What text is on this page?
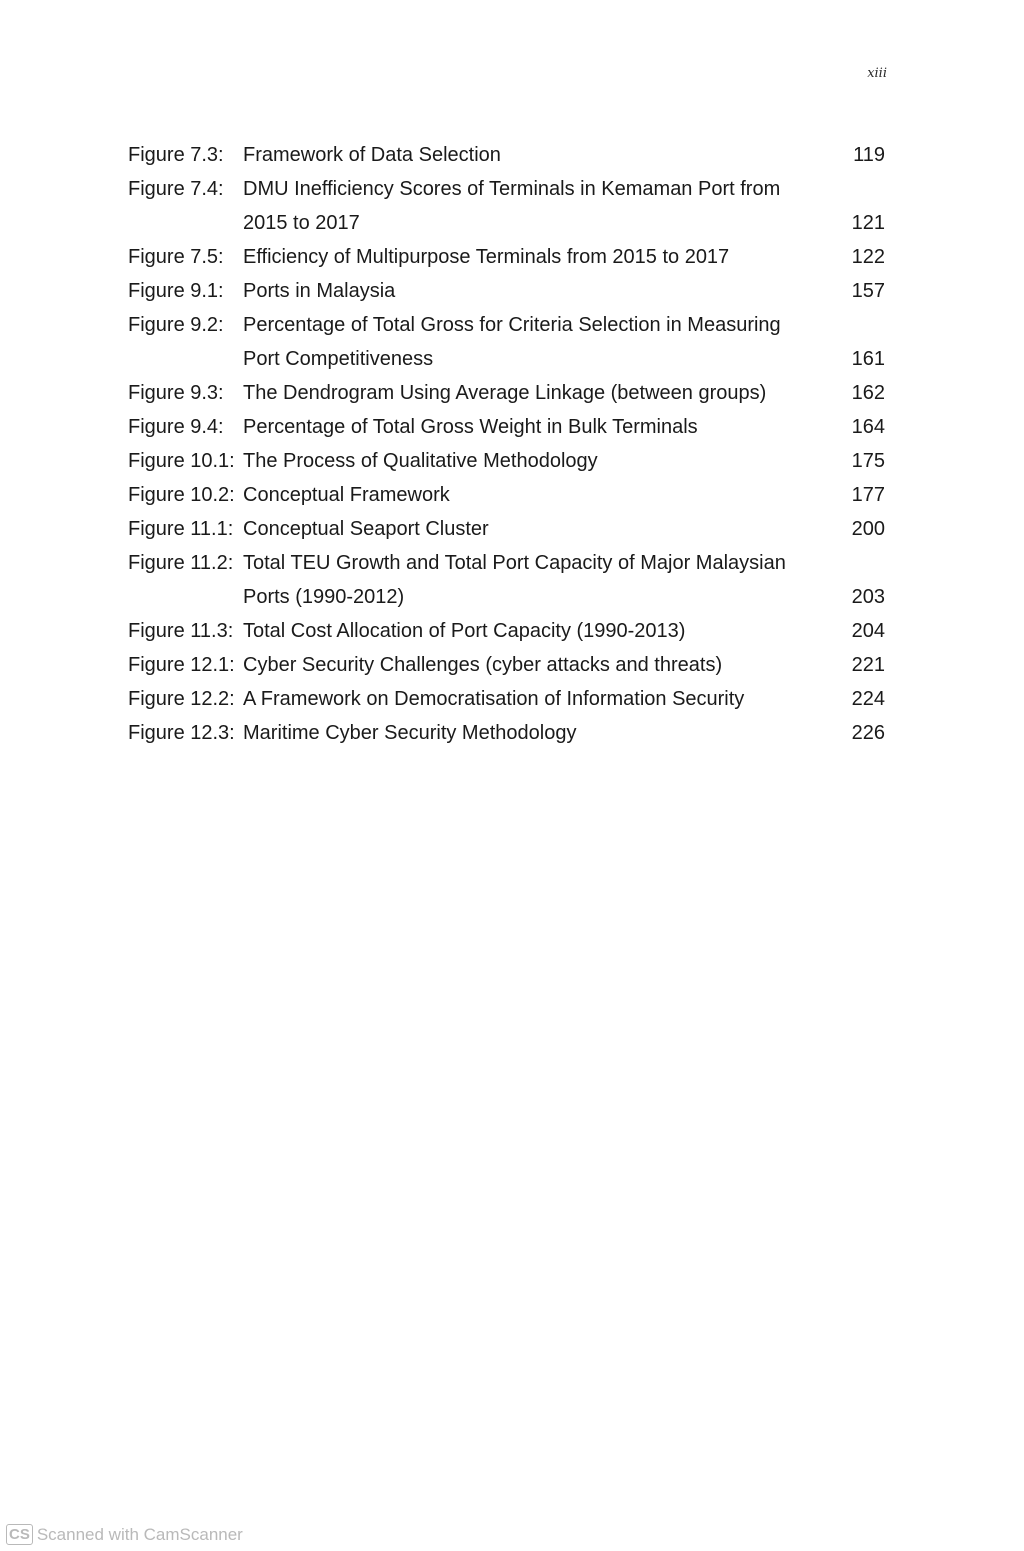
xiii
Figure 7.3: Framework of Data Selection	119
Figure 7.4: DMU Inefficiency Scores of Terminals in Kemaman Port from 2015 to 2017	121
Figure 7.5: Efficiency of Multipurpose Terminals from 2015 to 2017	122
Figure 9.1: Ports in Malaysia	157
Figure 9.2: Percentage of Total Gross for Criteria Selection in Measuring Port Competitiveness	161
Figure 9.3: The Dendrogram Using Average Linkage (between groups)	162
Figure 9.4: Percentage of Total Gross Weight in Bulk Terminals	164
Figure 10.1: The Process of Qualitative Methodology	175
Figure 10.2: Conceptual Framework	177
Figure 11.1: Conceptual Seaport Cluster	200
Figure 11.2: Total TEU Growth and Total Port Capacity of Major Malaysian Ports (1990-2012)	203
Figure 11.3: Total Cost Allocation of Port Capacity (1990-2013)	204
Figure 12.1: Cyber Security Challenges (cyber attacks and threats)	221
Figure 12.2: A Framework on Democratisation of Information Security	224
Figure 12.3: Maritime Cyber Security Methodology	226
CS Scanned with CamScanner
